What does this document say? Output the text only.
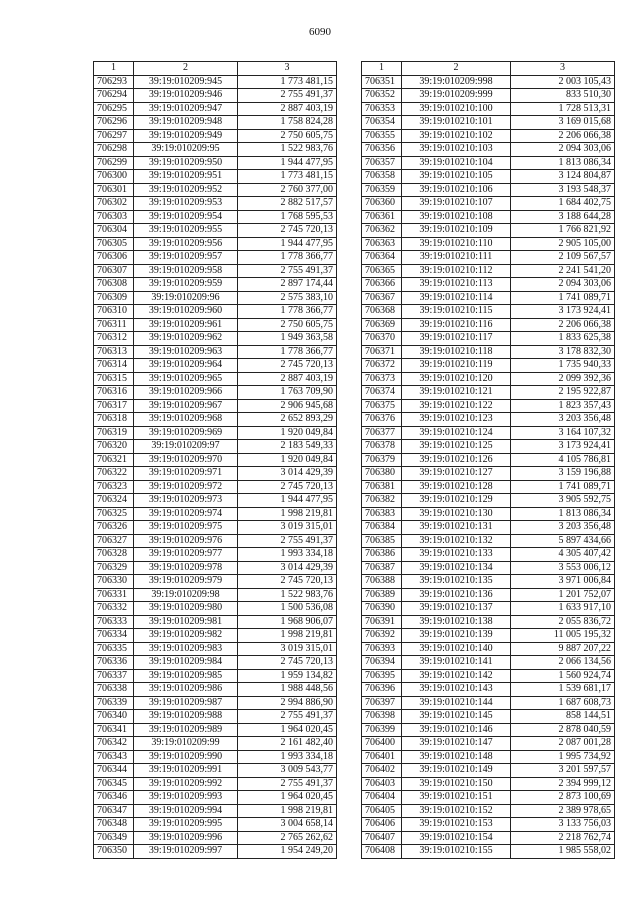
6090
1	2	3
706293	39:19:010209:945	1 773 481,15
706294	39:19:010209:946	2 755 491,37
706295	39:19:010209:947	2 887 403,19
706296	39:19:010209:948	1 758 824,28
706297	39:19:010209:949	2 750 605,75
706298	39:19:010209:95	1 522 983,76
706299	39:19:010209:950	1 944 477,95
706300	39:19:010209:951	1 773 481,15
706301	39:19:010209:952	2 760 377,00
706302	39:19:010209:953	2 882 517,57
706303	39:19:010209:954	1 768 595,53
706304	39:19:010209:955	2 745 720,13
706305	39:19:010209:956	1 944 477,95
706306	39:19:010209:957	1 778 366,77
706307	39:19:010209:958	2 755 491,37
706308	39:19:010209:959	2 897 174,44
706309	39:19:010209:96	2 575 383,10
706310	39:19:010209:960	1 778 366,77
706311	39:19:010209:961	2 750 605,75
706312	39:19:010209:962	1 949 363,58
706313	39:19:010209:963	1 778 366,77
706314	39:19:010209:964	2 745 720,13
706315	39:19:010209:965	2 887 403,19
706316	39:19:010209:966	1 763 709,90
706317	39:19:010209:967	2 906 945,68
706318	39:19:010209:968	2 652 893,29
706319	39:19:010209:969	1 920 049,84
706320	39:19:010209:97	2 183 549,33
706321	39:19:010209:970	1 920 049,84
706322	39:19:010209:971	3 014 429,39
706323	39:19:010209:972	2 745 720,13
706324	39:19:010209:973	1 944 477,95
706325	39:19:010209:974	1 998 219,81
706326	39:19:010209:975	3 019 315,01
706327	39:19:010209:976	2 755 491,37
706328	39:19:010209:977	1 993 334,18
706329	39:19:010209:978	3 014 429,39
706330	39:19:010209:979	2 745 720,13
706331	39:19:010209:98	1 522 983,76
706332	39:19:010209:980	1 500 536,08
706333	39:19:010209:981	1 968 906,07
706334	39:19:010209:982	1 998 219,81
706335	39:19:010209:983	3 019 315,01
706336	39:19:010209:984	2 745 720,13
706337	39:19:010209:985	1 959 134,82
706338	39:19:010209:986	1 988 448,56
706339	39:19:010209:987	2 994 886,90
706340	39:19:010209:988	2 755 491,37
706341	39:19:010209:989	1 964 020,45
706342	39:19:010209:99	2 161 482,40
706343	39:19:010209:990	1 993 334,18
706344	39:19:010209:991	3 009 543,77
706345	39:19:010209:992	2 755 491,37
706346	39:19:010209:993	1 964 020,45
706347	39:19:010209:994	1 998 219,81
706348	39:19:010209:995	3 004 658,14
706349	39:19:010209:996	2 765 262,62
706350	39:19:010209:997	1 954 249,20
1	2	3
706351	39:19:010209:998	2 003 105,43
706352	39:19:010209:999	833 510,30
706353	39:19:010210:100	1 728 513,31
706354	39:19:010210:101	3 169 015,68
706355	39:19:010210:102	2 206 066,38
706356	39:19:010210:103	2 094 303,06
706357	39:19:010210:104	1 813 086,34
706358	39:19:010210:105	3 124 804,87
706359	39:19:010210:106	3 193 548,37
706360	39:19:010210:107	1 684 402,75
706361	39:19:010210:108	3 188 644,28
706362	39:19:010210:109	1 766 821,92
706363	39:19:010210:110	2 905 105,00
706364	39:19:010210:111	2 109 567,57
706365	39:19:010210:112	2 241 541,20
706366	39:19:010210:113	2 094 303,06
706367	39:19:010210:114	1 741 089,71
706368	39:19:010210:115	3 173 924,41
706369	39:19:010210:116	2 206 066,38
706370	39:19:010210:117	1 833 625,38
706371	39:19:010210:118	3 178 832,30
706372	39:19:010210:119	1 735 940,33
706373	39:19:010210:120	2 099 392,36
706374	39:19:010210:121	2 195 922,87
706375	39:19:010210:122	1 823 357,43
706376	39:19:010210:123	3 203 356,48
706377	39:19:010210:124	3 164 107,32
706378	39:19:010210:125	3 173 924,41
706379	39:19:010210:126	4 105 786,81
706380	39:19:010210:127	3 159 196,88
706381	39:19:010210:128	1 741 089,71
706382	39:19:010210:129	3 905 592,75
706383	39:19:010210:130	1 813 086,34
706384	39:19:010210:131	3 203 356,48
706385	39:19:010210:132	5 897 434,66
706386	39:19:010210:133	4 305 407,42
706387	39:19:010210:134	3 553 006,12
706388	39:19:010210:135	3 971 006,84
706389	39:19:010210:136	1 201 752,07
706390	39:19:010210:137	1 633 917,10
706391	39:19:010210:138	2 055 836,72
706392	39:19:010210:139	11 005 195,32
706393	39:19:010210:140	9 887 207,22
706394	39:19:010210:141	2 066 134,56
706395	39:19:010210:142	1 560 924,74
706396	39:19:010210:143	1 539 681,17
706397	39:19:010210:144	1 687 608,73
706398	39:19:010210:145	858 144,51
706399	39:19:010210:146	2 878 040,59
706400	39:19:010210:147	2 087 001,28
706401	39:19:010210:148	1 995 734,92
706402	39:19:010210:149	3 201 597,57
706403	39:19:010210:150	2 394 999,12
706404	39:19:010210:151	2 873 100,69
706405	39:19:010210:152	2 389 978,65
706406	39:19:010210:153	3 133 756,03
706407	39:19:010210:154	2 218 762,74
706408	39:19:010210:155	1 985 558,02
